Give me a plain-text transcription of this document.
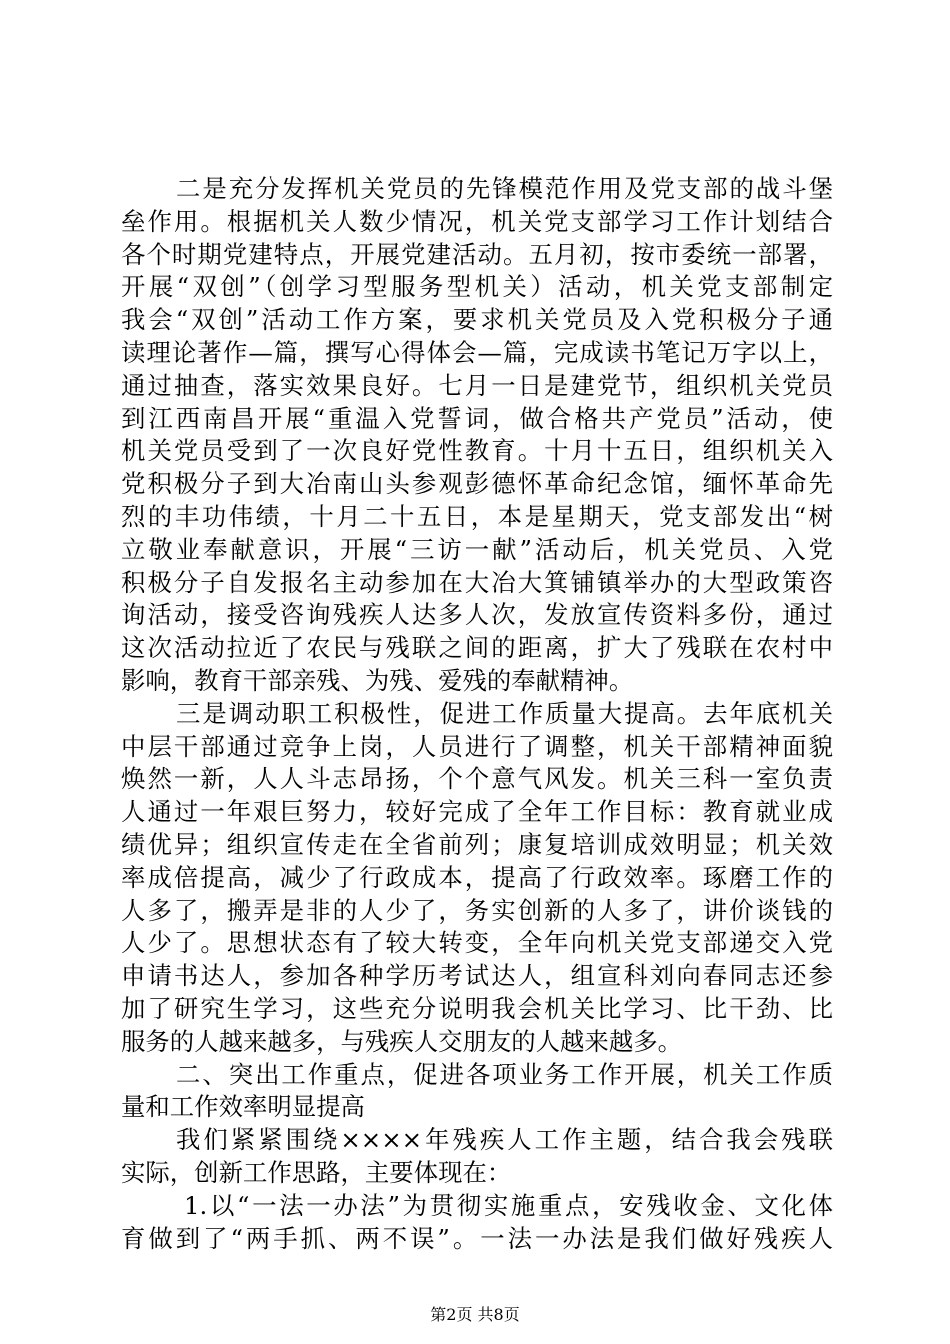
二是充分发挥机关党员的先锋模范作用及党支部的战斗堡
垒作用。根据机关人数少情况，机关党支部学习工作计划结合
各个时期党建特点，开展党建活动。五月初，按市委统一部署，
开展“双创”（创学习型服务型机关）活动，机关党支部制定
我会“双创”活动工作方案，要求机关党员及入党积极分子通
读理论著作—篇，撰写心得体会—篇，完成读书笔记万字以上，
通过抽查，落实效果良好。七月一日是建党节，组织机关党员
到江西南昌开展“重温入党誓词，做合格共产党员”活动，使
机关党员受到了一次良好党性教育。十月十五日，组织机关入
党积极分子到大冶南山头参观彭德怀革命纪念馆，缅怀革命先
烈的丰功伟绩，十月二十五日，本是星期天，党支部发出“树
立敬业奉献意识，开展“三访一献”活动后，机关党员、入党
积极分子自发报名主动参加在大冶大箕铺镇举办的大型政策咨
询活动，接受咨询残疾人达多人次，发放宣传资料多份，通过
这次活动拉近了农民与残联之间的距离，扩大了残联在农村中
影响，教育干部亲残、为残、爱残的奉献精神。
三是调动职工积极性，促进工作质量大提高。去年底机关
中层干部通过竞争上岗，人员进行了调整，机关干部精神面貌
焕然一新，人人斗志昂扬，个个意气风发。机关三科一室负责
人通过一年艰巨努力，较好完成了全年工作目标：教育就业成
绩优异；组织宣传走在全省前列；康复培训成效明显；机关效
率成倍提高，减少了行政成本，提高了行政效率。琢磨工作的
人多了，搬弄是非的人少了，务实创新的人多了，讲价谈钱的
人少了。思想状态有了较大转变，全年向机关党支部递交入党
申请书达人，参加各种学历考试达人，组宣科刘向春同志还参
加了研究生学习，这些充分说明我会机关比学习、比干劲、比
服务的人越来越多，与残疾人交朋友的人越来越多。
二、突出工作重点，促进各项业务工作开展，机关工作质
量和工作效率明显提高
我们紧紧围绕××××年残疾人工作主题，结合我会残联
实际，创新工作思路，主要体现在：
1.以“一法一办法”为贯彻实施重点，安残收金、文化体
育做到了“两手抓、两不误”。一法一办法是我们做好残疾人
第2页 共8页
